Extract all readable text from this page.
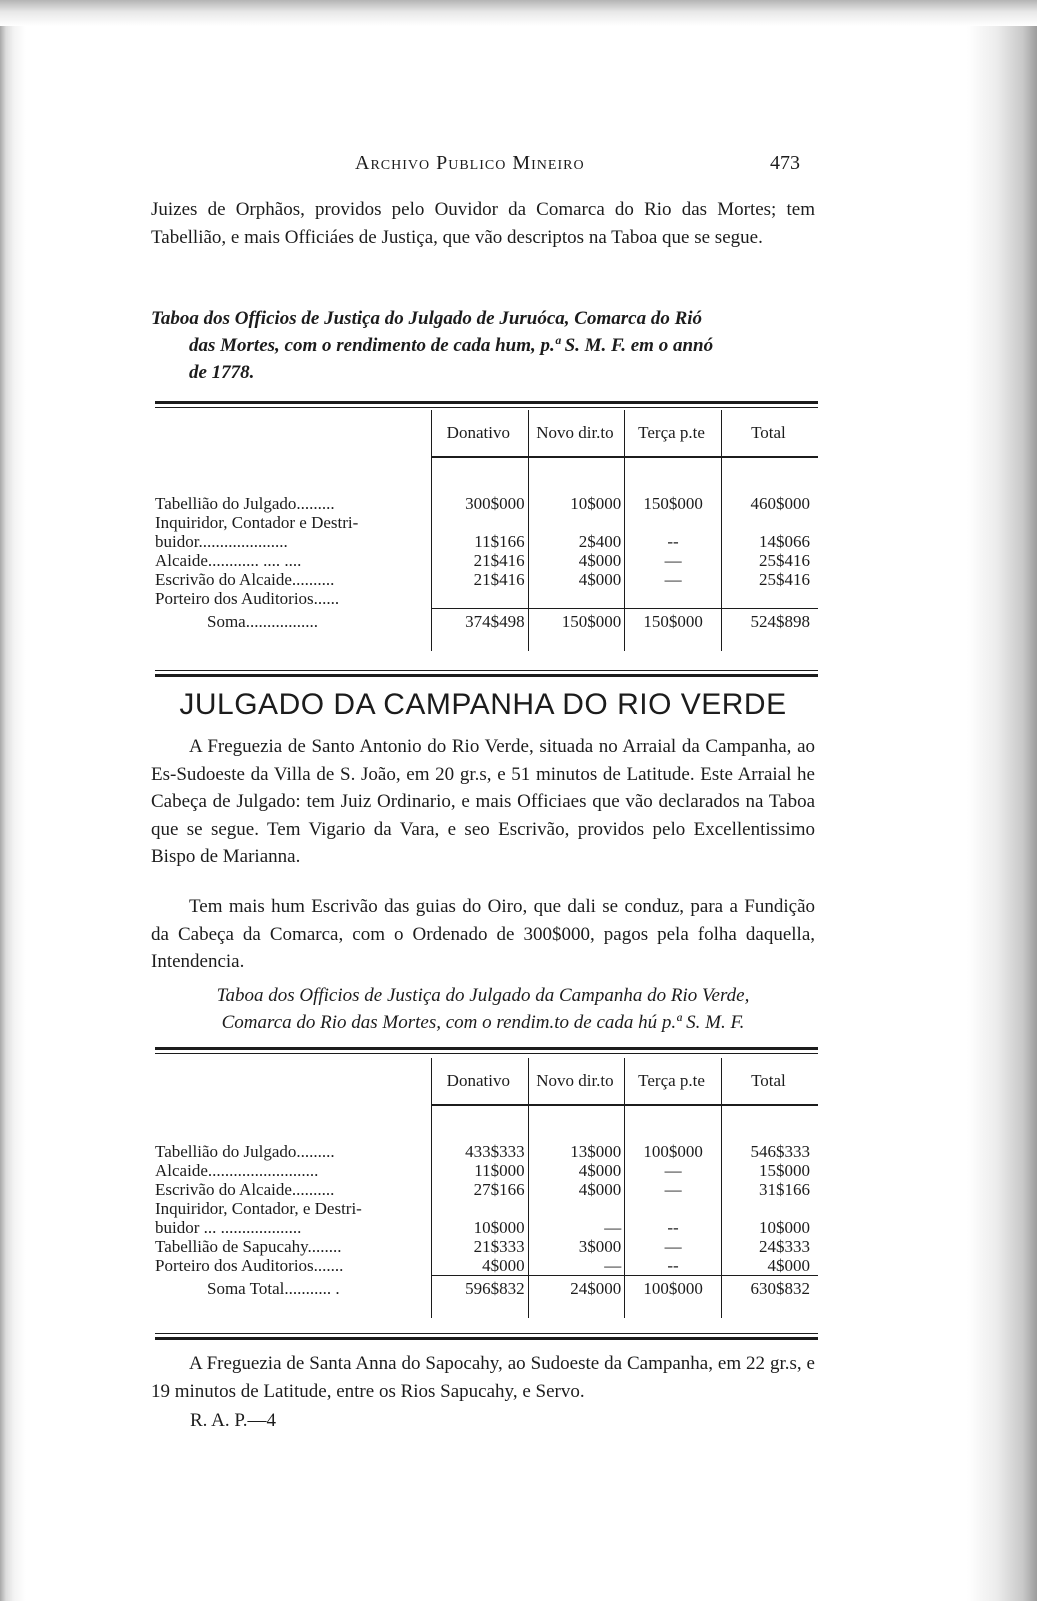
Archivo Publico Mineiro	473

Juizes de Orphãos, providos pelo Ouvidor da Comarca do Rio das Mortes; tem Tabellião, e mais Officiáes de Justiça, que vão descriptos na Taboa que se segue.

Taboa dos Officios de Justiça do Julgado de Juruóca, Comarca do Rió
das Mortes, com o rendimento de cada hum, p.ª S. M. F. em o annó
de 1778.
	Donativo	Novo dir.to	Terça p.te	Total

Tabellião do Julgado.........	300$000	10$000	150$000	460$000
Inquiridor, Contador e Destri-				
buidor.....................	11$166	2$400	--	14$066
Alcaide............ .... ....	21$416	4$000	—	25$416
Escrivão do Alcaide..........	21$416	4$000	—	25$416
Porteiro dos Auditorios......				

Soma.................	374$498	150$000	150$000	524$898

JULGADO DA CAMPANHA DO RIO VERDE

A Freguezia de Santo Antonio do Rio Verde, situada no Arraial da Campanha, ao Es-Sudoeste da Villa de S. João, em 20 gr.s, e 51 minutos de Latitude. Este Arraial he Cabeça de Julgado: tem Juiz Ordinario, e mais Officiaes que vão declarados na Taboa que se segue. Tem Vigario da Vara, e seo Escrivão, providos pelo Excellentissimo Bispo de Marianna.

Tem mais hum Escrivão das guias do Oiro, que dali se conduz, para a Fundição da Cabeça da Comarca, com o Ordenado de 300$000, pagos pela folha daquella, Intendencia.

Taboa dos Officios de Justiça do Julgado da Campanha do Rio Verde,
Comarca do Rio das Mortes, com o rendim.to de cada hú p.ª S. M. F.
	Donativo	Novo dir.to	Terça p.te	Total

Tabellião do Julgado.........	433$333	13$000	100$000	546$333
Alcaide..........................	11$000	4$000	—	15$000
Escrivão do Alcaide..........	27$166	4$000	—	31$166
Inquiridor, Contador, e Destri-				
buidor ... ...................	10$000	—	--	10$000
Tabellião de Sapucahy........	21$333	3$000	—	24$333
Porteiro dos Auditorios.......	4$000	—	--	4$000

Soma Total........... .	596$832	24$000	100$000	630$832

A Freguezia de Santa Anna do Sapocahy, ao Sudoeste da Campanha, em 22 gr.s, e 19 minutos de Latitude, entre os Rios Sapucahy, e Servo.

R. A. P.—4
